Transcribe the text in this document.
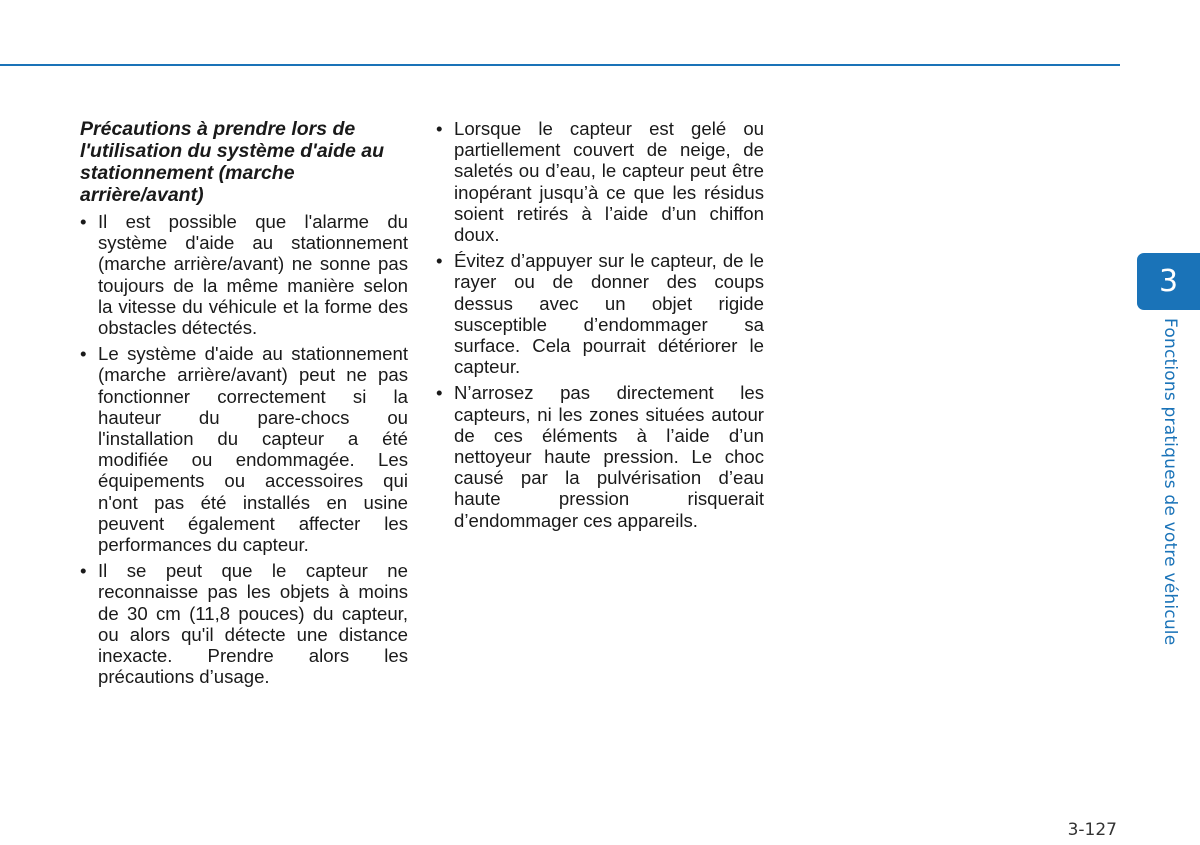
Précautions à prendre lors de l'utilisation du système d'aide au stationnement (marche arrière/avant)
• Il est possible que l'alarme du système d'aide au stationnement (marche arrière/avant) ne sonne pas toujours de la même manière selon la vitesse du véhicule et la forme des obstacles détectés.
• Le système d'aide au stationnement (marche arrière/avant) peut ne pas fonctionner correctement si la hauteur du pare-chocs ou l'installation du capteur a été modifiée ou endommagée. Les équipements ou accessoires qui n'ont pas été installés en usine peuvent également affecter les performances du capteur.
• Il se peut que le capteur ne reconnaisse pas les objets à moins de 30 cm (11,8 pouces) du capteur, ou alors qu'il détecte une distance inexacte. Prendre alors les précautions d’usage.
• Lorsque le capteur est gelé ou partiellement couvert de neige, de saletés ou d’eau, le capteur peut être inopérant jusqu’à ce que les résidus soient retirés à l’aide d’un chiffon doux.
• Évitez d’appuyer sur le capteur, de le rayer ou de donner des coups dessus avec un objet rigide susceptible d’endommager sa surface. Cela pourrait détériorer le capteur.
• N’arrosez pas directement les capteurs, ni les zones situées autour de ces éléments à l’aide d’un nettoyeur haute pression. Le choc causé par la pulvérisation d’eau haute pression risquerait d’endommager ces appareils.
3
Fonctions pratiques de votre véhicule
3-127
